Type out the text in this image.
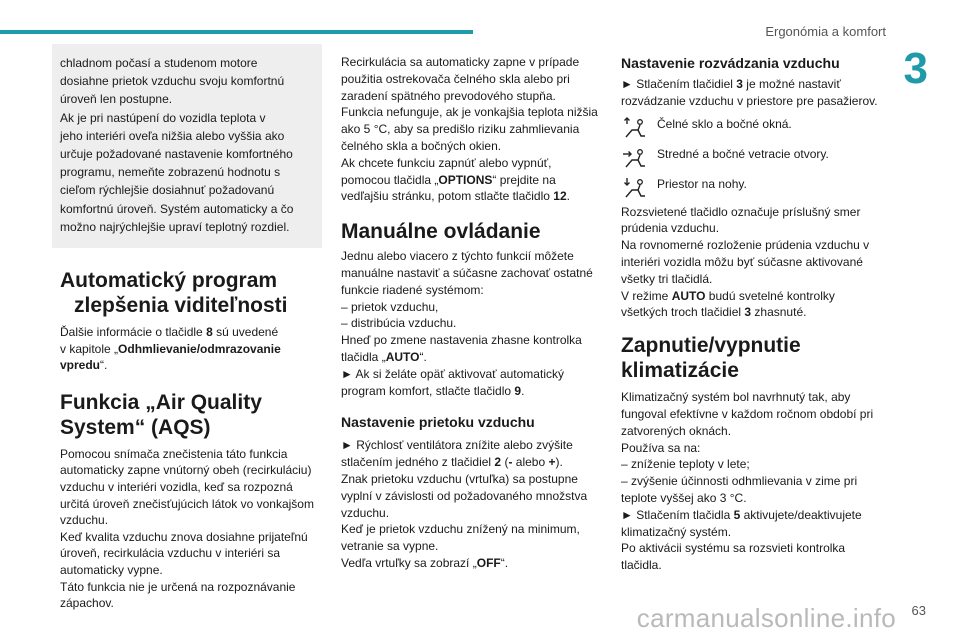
Ergonómia a komfort
3

chladnom počasí a studenom motore

dosiahne prietok vzduchu svoju komfortnú

úroveň len postupne.

Ak je pri nastúpení do vozidla teplota v

jeho interiéri oveľa nižšia alebo vyššia ako

určuje požadované nastavenie komfortného

programu, nemeňte zobrazenú hodnotu s

cieľom rýchlejšie dosiahnuť požadovanú

komfortnú úroveň. Systém automaticky a čo

možno najrýchlejšie upraví teplotný rozdiel.

Automatický program
zlepšenia viditeľnosti

Ďalšie informácie o tlačidle 8 sú uvedené

v kapitole „Odhmlievanie/odmrazovanie

vpredu“.

Funkcia „Air Quality
System“ (AQS)

Pomocou snímača znečistenia táto funkcia

automaticky zapne vnútorný obeh (recirkuláciu)

vzduchu v interiéri vozidla, keď sa rozpozná

určitá úroveň znečisťujúcich látok vo vonkajšom

vzduchu.

Keď kvalita vzduchu znova dosiahne prijateľnú

úroveň, recirkulácia vzduchu v interiéri sa

automaticky vypne.

Táto funkcia nie je určená na rozpoznávanie

zápachov.

Recirkulácia sa automaticky zapne v prípade

použitia ostrekovača čelného skla alebo pri

zaradení spätného prevodového stupňa.

Funkcia nefunguje, ak je vonkajšia teplota nižšia

ako 5 °C, aby sa predišlo riziku zahmlievania

čelného skla a bočných okien.

Ak chcete funkciu zapnúť alebo vypnúť,

pomocou tlačidla „OPTIONS“ prejdite na

vedľajšiu stránku, potom stlačte tlačidlo 12.

Manuálne ovládanie

Jednu alebo viacero z týchto funkcií môžete

manuálne nastaviť a súčasne zachovať ostatné

funkcie riadené systémom:

– prietok vzduchu,

– distribúcia vzduchu.

Hneď po zmene nastavenia zhasne kontrolka

tlačidla „AUTO“.

► Ak si želáte opäť aktivovať automatický

program komfort, stlačte tlačidlo 9.

Nastavenie prietoku vzduchu

► Rýchlosť ventilátora znížite alebo zvýšite

stlačením jedného z tlačidiel 2 (- alebo +).

Znak prietoku vzduchu (vrtuľka) sa postupne

vyplní v závislosti od požadovaného množstva

vzduchu.

Keď je prietok vzduchu znížený na minimum,

vetranie sa vypne.

Vedľa vrtuľky sa zobrazí „OFF“.

Nastavenie rozvádzania vzduchu

► Stlačením tlačidiel 3 je možné nastaviť

rozvádzanie vzduchu v priestore pre pasažierov.

Čelné sklo a bočné okná.
Stredné a bočné vetracie otvory.
Priestor na nohy.

Rozsvietené tlačidlo označuje príslušný smer

prúdenia vzduchu.

Na rovnomerné rozloženie prúdenia vzduchu v

interiéri vozidla môžu byť súčasne aktivované

všetky tri tlačidlá.

V režime AUTO budú svetelné kontrolky

všetkých troch tlačidiel 3 zhasnuté.

Zapnutie/vypnutie
klimatizácie

Klimatizačný systém bol navrhnutý tak, aby

fungoval efektívne v každom ročnom období pri

zatvorených oknách.

Používa sa na:

– zníženie teploty v lete;

– zvýšenie účinnosti odhmlievania v zime pri

teplote vyššej ako 3 °C.

► Stlačením tlačidla 5 aktivujete/deaktivujete

klimatizačný systém.

Po aktivácii systému sa rozsvieti kontrolka

tlačidla.

carmanualsonline.info 63
